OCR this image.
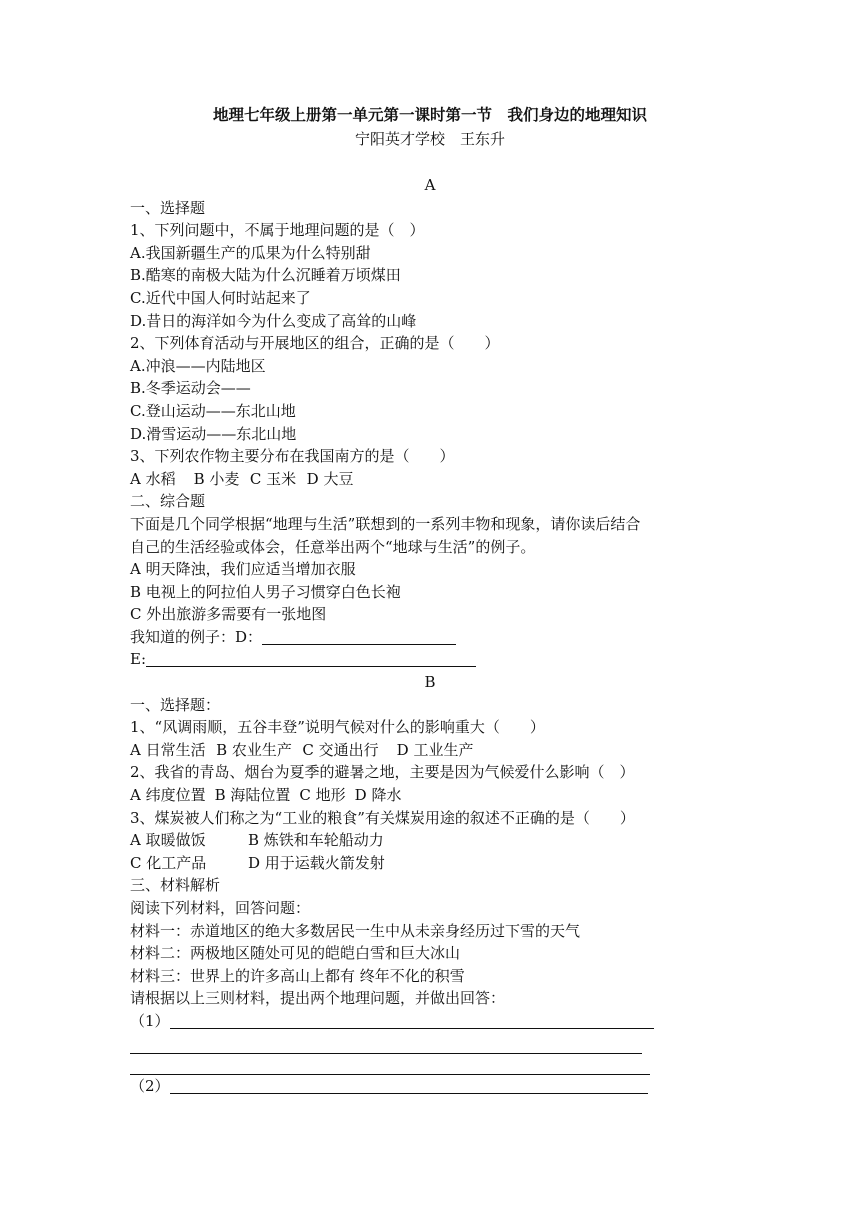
地理七年级上册第一单元第一课时第一节　我们身边的地理知识
宁阳英才学校　王东升
A
一、选择题
1、下列问题中，不属于地理问题的是（　）
A.我国新疆生产的瓜果为什么特别甜
B.酷寒的南极大陆为什么沉睡着万顷煤田
C.近代中国人何时站起来了
D.昔日的海洋如今为什么变成了高耸的山峰
2、下列体育活动与开展地区的组合，正确的是（　　）
A.冲浪——内陆地区
B.冬季运动会——
C.登山运动——东北山地
D.滑雪运动——东北山地
3、下列农作物主要分布在我国南方的是（　　）
A 水稻 B 小麦 C 玉米 D 大豆
二、综合题
下面是几个同学根据“地理与生活”联想到的一系列丰物和现象，请你读后结合
自己的生活经验或体会，任意举出两个“地球与生活”的例子。
A 明天降浊，我们应适当增加衣服
B 电视上的阿拉伯人男子习惯穿白色长袍
C 外出旅游多需要有一张地图
我知道的例子：D：
E:
B
一、选择题：
1、“风调雨顺，五谷丰登”说明气候对什么的影响重大（　　）
A 日常生活 B 农业生产 C 交通出行 D 工业生产
2、我省的青岛、烟台为夏季的避暑之地，主要是因为气候爱什么影响（　）
A 纬度位置 B 海陆位置 C 地形 D 降水
3、煤炭被人们称之为“工业的粮食”有关煤炭用途的叙述不正确的是（　　）
A 取暖做饭	B 炼铁和车轮船动力
C 化工产品	D 用于运载火箭发射
三、材料解析
阅读下列材料，回答问题：
材料一：赤道地区的绝大多数居民一生中从未亲身经历过下雪的天气
材料二：两极地区随处可见的皑皑白雪和巨大冰山
材料三：世界上的许多高山上都有 终年不化的积雪
请根据以上三则材料，提出两个地理问题，并做出回答：
（1）
（2）
